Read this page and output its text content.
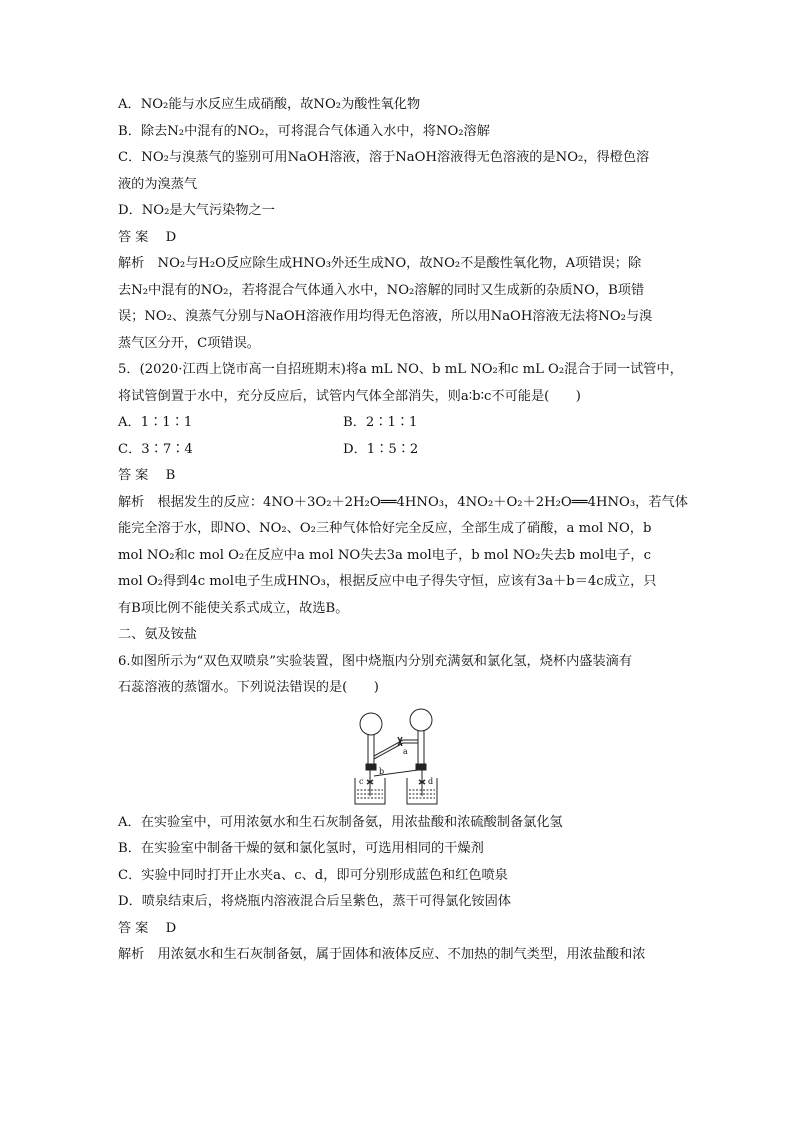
A．NO₂能与水反应生成硝酸，故NO₂为酸性氧化物
B．除去N₂中混有的NO₂，可将混合气体通入水中，将NO₂溶解
C．NO₂与溴蒸气的鉴别可用NaOH溶液，溶于NaOH溶液得无色溶液的是NO₂，得橙色溶
液的为溴蒸气
D．NO₂是大气污染物之一
答案　 D
解析　NO₂与H₂O反应除生成HNO₃外还生成NO，故NO₂不是酸性氧化物，A项错误；除
去N₂中混有的NO₂，若将混合气体通入水中，NO₂溶解的同时又生成新的杂质NO，B项错
误；NO₂、溴蒸气分别与NaOH溶液作用均得无色溶液，所以用NaOH溶液无法将NO₂与溴
蒸气区分开，C项错误。
5．(2020·江西上饶市高一自招班期末)将a mL NO、b mL NO₂和c mL O₂混合于同一试管中，
将试管倒置于水中，充分反应后，试管内气体全部消失，则a∶b∶c不可能是(　　)
A．1∶1∶1	B．2∶1∶1
C．3∶7∶4	D．1∶5∶2
答案　 B
解析　根据发生的反应：4NO＋3O₂＋2H₂O══4HNO₃，4NO₂＋O₂＋2H₂O══4HNO₃，若气体
能完全溶于水，即NO、NO₂、O₂三种气体恰好完全反应，全部生成了硝酸，a mol NO，b
mol NO₂和c mol O₂在反应中a mol NO失去3a mol电子，b mol NO₂失去b mol电子，c
mol O₂得到4c mol电子生成HNO₃，根据反应中电子得失守恒，应该有3a＋b＝4c成立，只
有B项比例不能使关系式成立，故选B。
二、氨及铵盐
6.如图所示为“双色双喷泉”实验装置，图中烧瓶内分别充满氨和氯化氢，烧杯内盛装滴有
石蕊溶液的蒸馏水。下列说法错误的是(　　)
a
b
c	d
A．在实验室中，可用浓氨水和生石灰制备氨，用浓盐酸和浓硫酸制备氯化氢
B．在实验室中制备干燥的氨和氯化氢时，可选用相同的干燥剂
C．实验中同时打开止水夹a、c、d，即可分别形成蓝色和红色喷泉
D．喷泉结束后，将烧瓶内溶液混合后呈紫色，蒸干可得氯化铵固体
答案　 D
解析　用浓氨水和生石灰制备氨，属于固体和液体反应、不加热的制气类型，用浓盐酸和浓
